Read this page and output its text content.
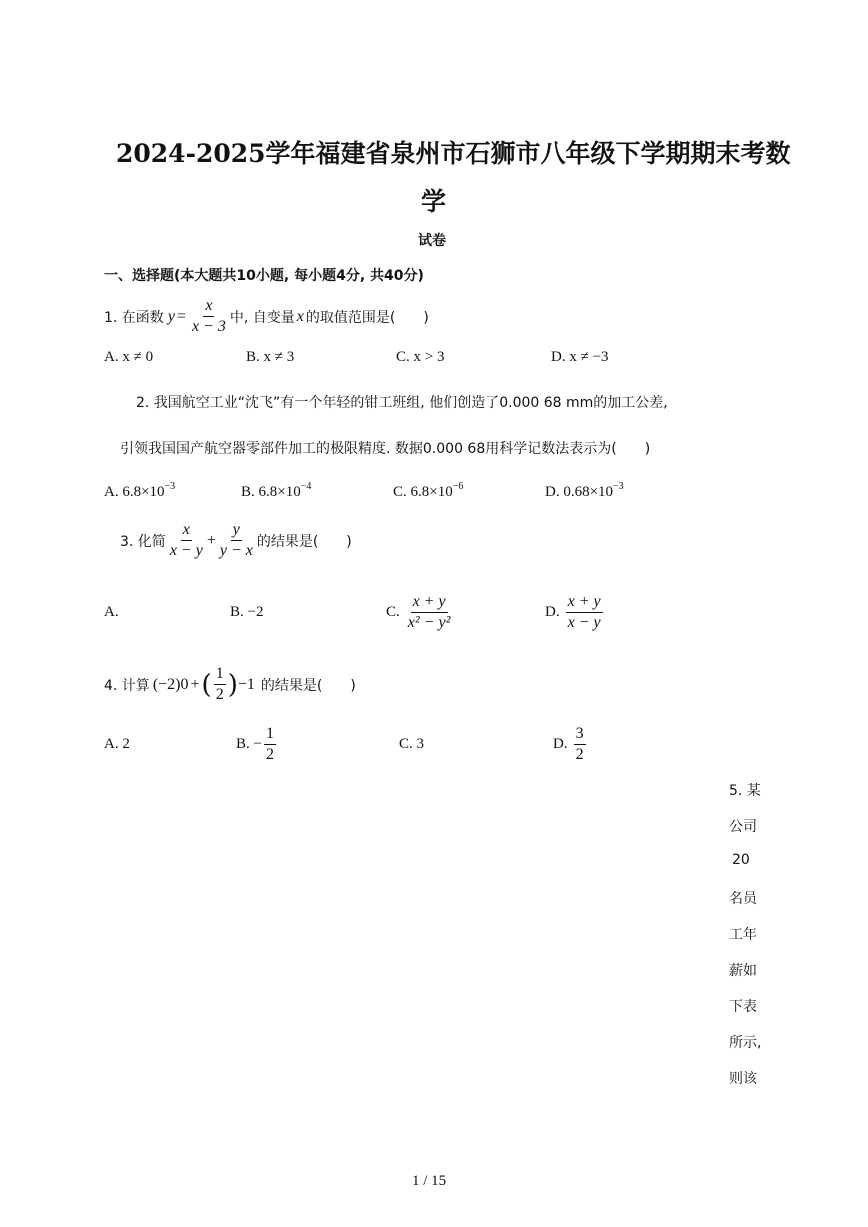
2024-2025学年福建省泉州市石狮市八年级下学期期末考数
学
试卷
一、选择题(本大题共10小题, 每小题4分, 共40分)
1. 在函数 $y = \frac{x}{x - 3}$ 中, 自变量 x 的取值范围是(　　)
A. x ≠ 0	B. x ≠ 3	C. x > 3	D. x ≠ −3
2. 我国航空工业“沈飞”有一个年轻的钳工班组, 他们创造了0.000 68 mm的加工公差,
引领我国国产航空器零部件加工的极限精度. 数据0.000 68用科学记数法表示为(　　)
A. $6.8\times 10^{-3}$	B. $6.8\times 10^{-4}$	C. $6.8\times 10^{-6}$	D. $0.68\times 10^{-3}$
3. 化简 $\frac{x}{x - y} + \frac{y}{y - x}$ 的结果是(　　)
A.	B. −2	C. $\frac{x + y}{\text{x² − y²}}$	D. $\frac{x + y}{x - y}$
4. 计算 (−2) 0 + ( $\frac{1}{2}$ ) −1 的结果是(　　)
A. 2	B. − $\frac{1}{2}$	C. 3	D. $\frac{3}{2}$
5. 某
公司
20
名员
工年
薪如
下表
所示,
则该
1 / 15
